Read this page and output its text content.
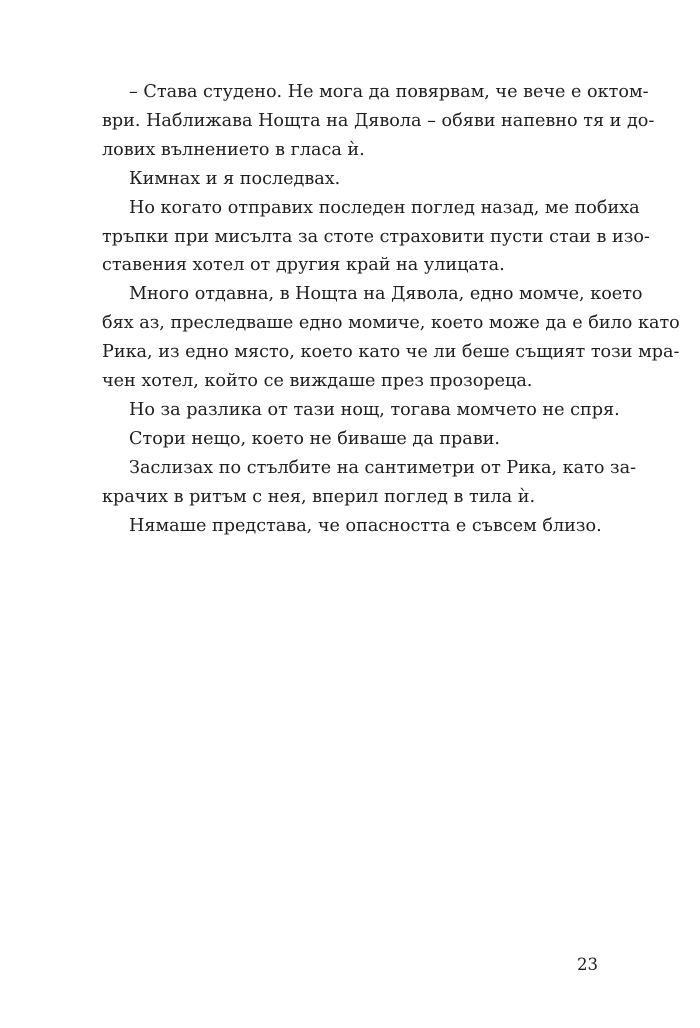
– Става студено. Не мога да повярвам, че вече е октом-
ври. Наближава Нощта на Дявола – обяви напевно тя и до-
лових вълнението в гласа ѝ.
Кимнах и я последвах.
Но когато отправих последен поглед назад, ме побиха
тръпки при мисълта за стоте страховити пусти стаи в изо-
ставения хотел от другия край на улицата.
Много отдавна, в Нощта на Дявола, едно момче, което
бях аз, преследваше едно момиче, което може да е било като
Рика, из едно място, което като че ли беше същият този мра-
чен хотел, който се виждаше през прозореца.
Но за разлика от тази нощ, тогава момчето не спря.
Стори нещо, което не биваше да прави.
Заслизах по стълбите на сантиметри от Рика, като за-
крачих в ритъм с нея, вперил поглед в тила ѝ.
Нямаше представа, че опасността е съвсем близо.
23
